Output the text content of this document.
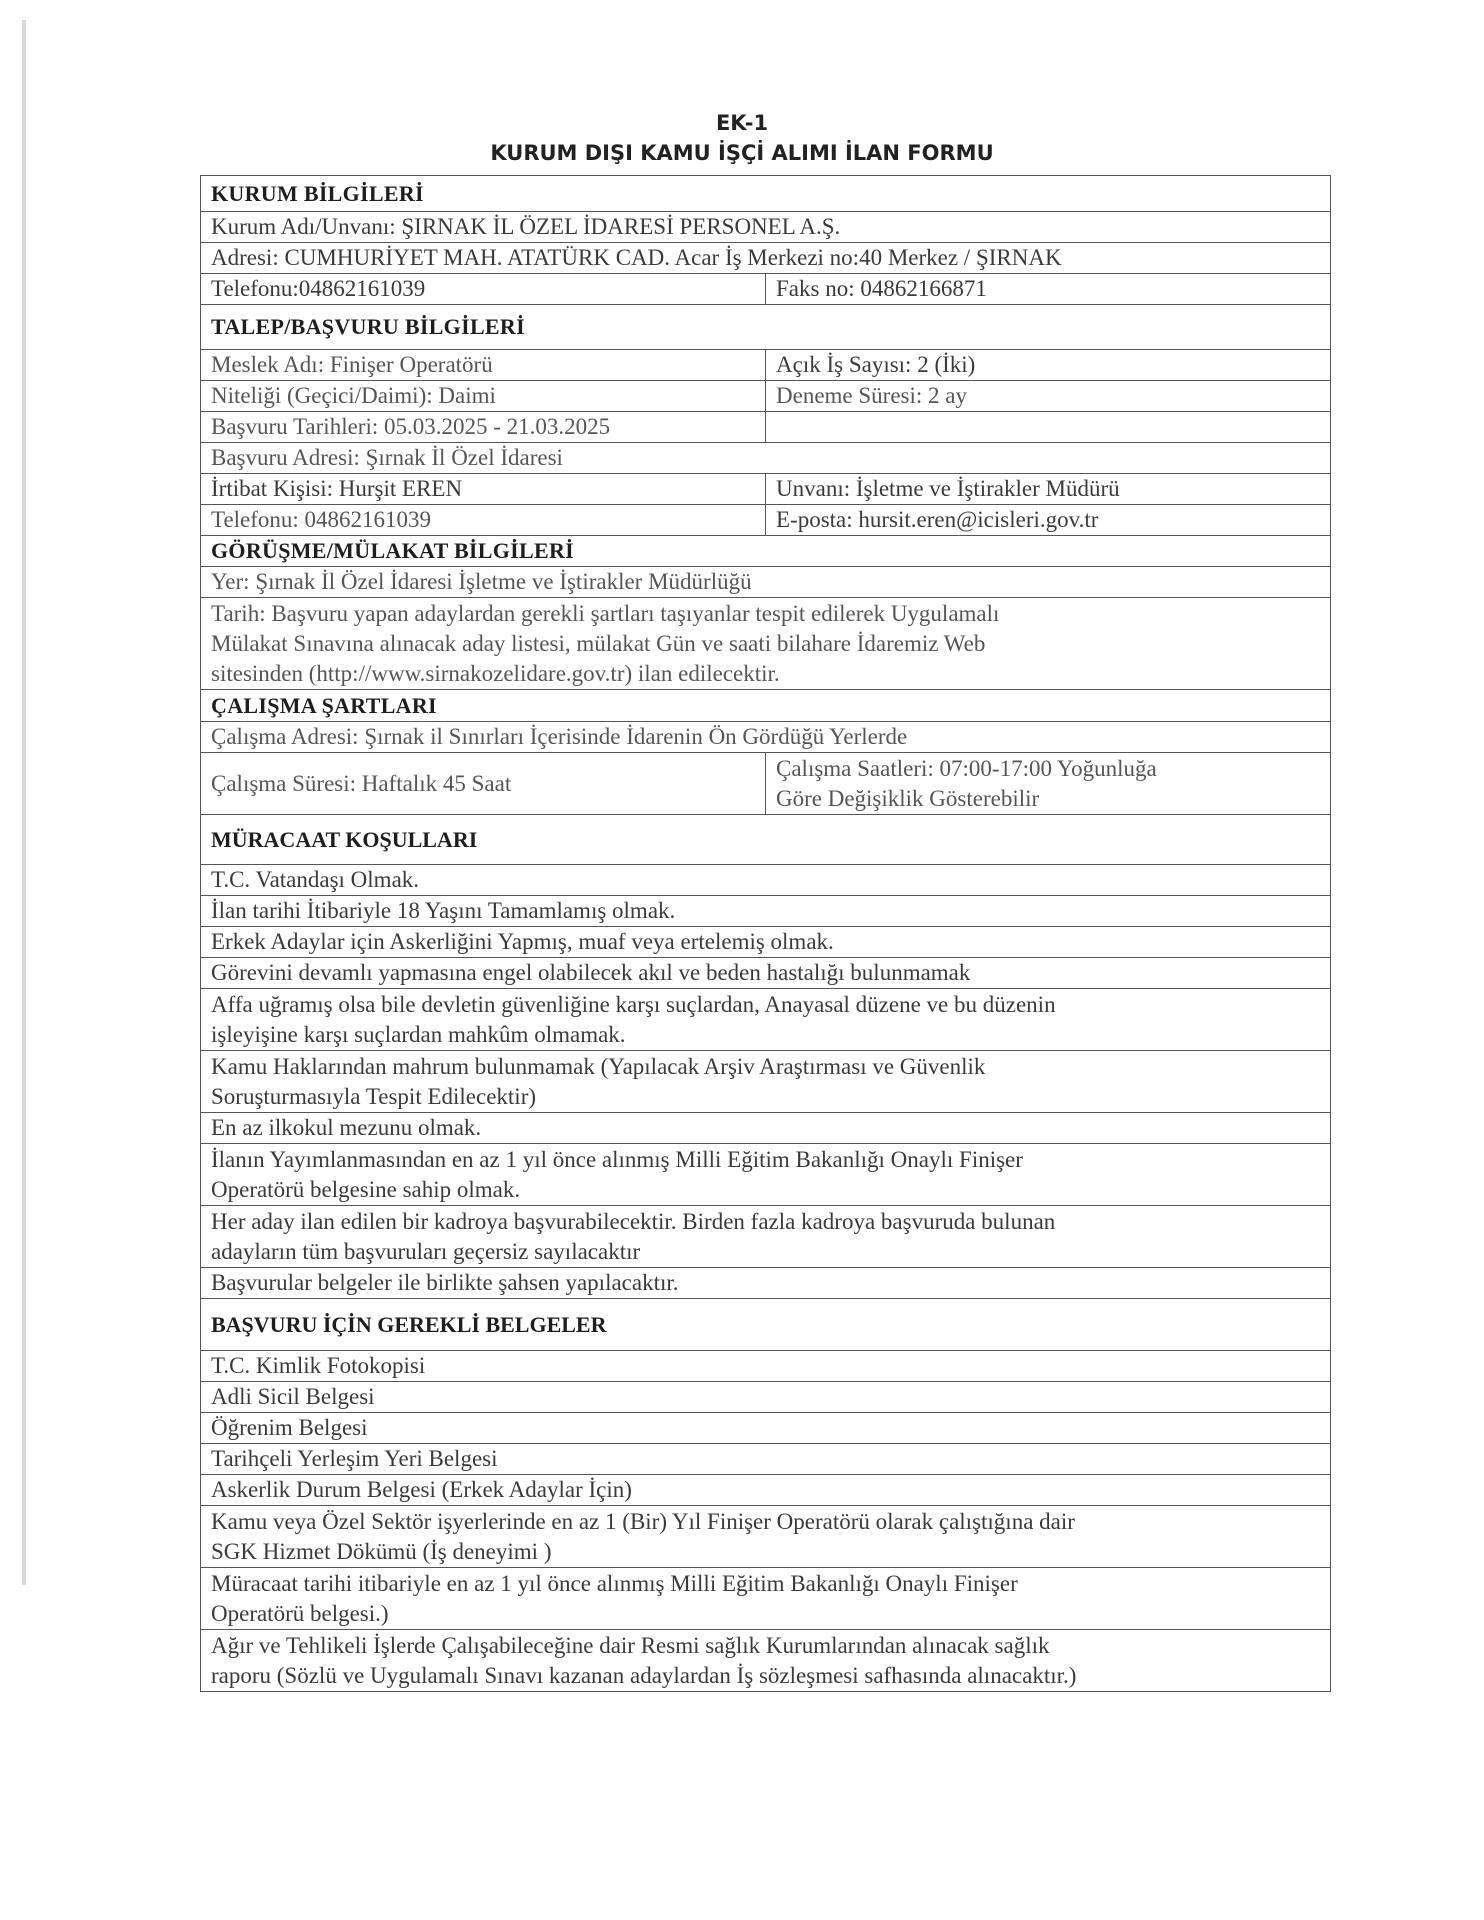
EK-1
KURUM DIŞI KAMU İŞÇİ ALIMI İLAN FORMU
KURUM BİLGİLERİ	
Kurum Adı/Unvanı: ŞIRNAK İL ÖZEL İDARESİ PERSONEL A.Ş.	
Adresi: CUMHURİYET MAH. ATATÜRK CAD. Acar İş Merkezi no:40 Merkez / ŞIRNAK	
Telefonu:04862161039	Faks no: 04862166871
TALEP/BAŞVURU BİLGİLERİ	
Meslek Adı: Finişer Operatörü	Açık İş Sayısı: 2 (İki)
Niteliği (Geçici/Daimi): Daimi	Deneme Süresi: 2 ay
Başvuru Tarihleri: 05.03.2025 - 21.03.2025	
Başvuru Adresi: Şırnak İl Özel İdaresi	
İrtibat Kişisi: Hurşit EREN	Unvanı: İşletme ve İştirakler Müdürü
Telefonu: 04862161039	E-posta: hursit.eren@icisleri.gov.tr
GÖRÜŞME/MÜLAKAT BİLGİLERİ	
Yer: Şırnak İl Özel İdaresi İşletme ve İştirakler Müdürlüğü	

Tarih: Başvuru yapan adaylardan gerekli şartları taşıyanlar tespit edilerek Uygulamalı
Mülakat Sınavına alınacak aday listesi, mülakat Gün ve saati bilahare İdaremiz Web
sitesinden (http://www.sirnakozelidare.gov.tr) ilan edilecektir.	

ÇALIŞMA ŞARTLARI	
Çalışma Adresi: Şırnak il Sınırları İçerisinde İdarenin Ön Gördüğü Yerlerde	
Çalışma Süresi: Haftalık 45 Saat	Çalışma Saatleri: 07:00-17:00 Yoğunluğa
Göre Değişiklik Gösterebilir

MÜRACAAT KOŞULLARI	

T.C. Vatandaşı Olmak.	

İlan tarihi İtibariyle 18 Yaşını Tamamlamış olmak.	

Erkek Adaylar için Askerliğini Yapmış, muaf veya ertelemiş olmak.	

Görevini devamlı yapmasına engel olabilecek akıl ve beden hastalığı bulunmamak	

Affa uğramış olsa bile devletin güvenliğine karşı suçlardan, Anayasal düzene ve bu düzenin
işleyişine karşı suçlardan mahkûm olmamak.	

Kamu Haklarından mahrum bulunmamak (Yapılacak Arşiv Araştırması ve Güvenlik
Soruşturmasıyla Tespit Edilecektir)	

En az ilkokul mezunu olmak.	

İlanın Yayımlanmasından en az 1 yıl önce alınmış Milli Eğitim Bakanlığı Onaylı Finişer
Operatörü belgesine sahip olmak.	

Her aday ilan edilen bir kadroya başvurabilecektir. Birden fazla kadroya başvuruda bulunan
adayların tüm başvuruları geçersiz sayılacaktır	

Başvurular belgeler ile birlikte şahsen yapılacaktır.	

BAŞVURU İÇİN GEREKLİ BELGELER	

T.C. Kimlik Fotokopisi	

Adli Sicil Belgesi	

Öğrenim Belgesi	

Tarihçeli Yerleşim Yeri Belgesi	

Askerlik Durum Belgesi (Erkek Adaylar İçin)	

Kamu veya Özel Sektör işyerlerinde en az 1 (Bir) Yıl Finişer Operatörü olarak çalıştığına dair
SGK Hizmet Dökümü (İş deneyimi )	

Müracaat tarihi itibariyle en az 1 yıl önce alınmış Milli Eğitim Bakanlığı Onaylı Finişer
Operatörü belgesi.)	

Ağır ve Tehlikeli İşlerde Çalışabileceğine dair Resmi sağlık Kurumlarından alınacak sağlık
raporu (Sözlü ve Uygulamalı Sınavı kazanan adaylardan İş sözleşmesi safhasında alınacaktır.)	
